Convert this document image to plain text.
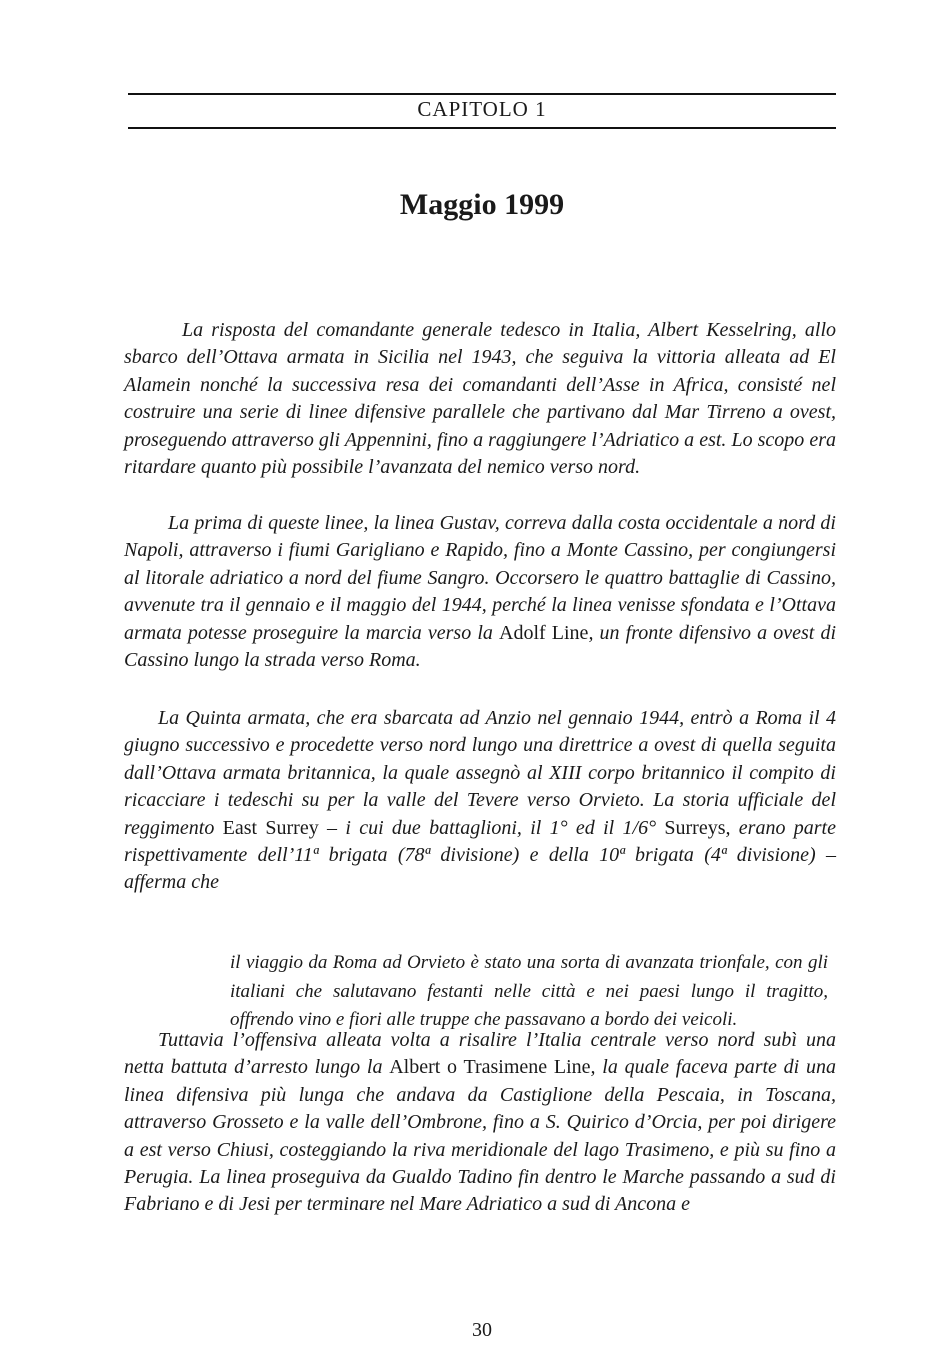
CAPITOLO 1
Maggio 1999

La risposta del comandante generale tedesco in Italia, Albert Kesselring, allo sbarco dell’Ottava armata in Sicilia nel 1943, che seguiva la vittoria alleata ad El Alamein nonché la successiva resa dei comandanti dell’Asse in Africa, consisté nel costruire una serie di linee difensive parallele che partivano dal Mar Tirreno a ovest, proseguendo attraverso gli Appennini, fino a raggiungere l’Adriatico a est. Lo scopo era ritardare quanto più possibile l’avanzata del nemico verso nord.

La prima di queste linee, la linea Gustav, correva dalla costa occidentale a nord di Napoli, attraverso i fiumi Garigliano e Rapido, fino a Monte Cassino, per congiungersi al litorale adriatico a nord del fiume Sangro. Occorsero le quattro battaglie di Cassino, avvenute tra il gennaio e il maggio del 1944, perché la linea venisse sfondata e l’Ottava armata potesse proseguire la marcia verso la Adolf Line, un fronte difensivo a ovest di Cassino lungo la strada verso Roma.

La Quinta armata, che era sbarcata ad Anzio nel gennaio 1944, entrò a Roma il 4 giugno successivo e procedette verso nord lungo una direttrice a ovest di quella seguita dall’Ottava armata britannica, la quale assegnò al XIII corpo britannico il compito di ricacciare i tedeschi su per la valle del Tevere verso Orvieto. La storia ufficiale del reggimento East Surrey – i cui due battaglioni, il 1° ed il 1/6° Surreys, erano parte rispettivamente dell’11ª brigata (78ª divisione) e della 10ª brigata (4ª divisione) – afferma che

il viaggio da Roma ad Orvieto è stato una sorta di avanzata trionfale, con gli italiani che salutavano festanti nelle città e nei paesi lungo il tragitto, offrendo vino e fiori alle truppe che passavano a bordo dei veicoli.

Tuttavia l’offensiva alleata volta a risalire l’Italia centrale verso nord subì una netta battuta d’arresto lungo la Albert o Trasimene Line, la quale faceva parte di una linea difensiva più lunga che andava da Castiglione della Pescaia, in Toscana, attraverso Grosseto e la valle dell’Ombrone, fino a S. Quirico d’Orcia, per poi dirigere a est verso Chiusi, costeggiando la riva meridionale del lago Trasimeno, e più su fino a Perugia. La linea proseguiva da Gualdo Tadino fin dentro le Marche passando a sud di Fabriano e di Jesi per terminare nel Mare Adriatico a sud di Ancona e

30
